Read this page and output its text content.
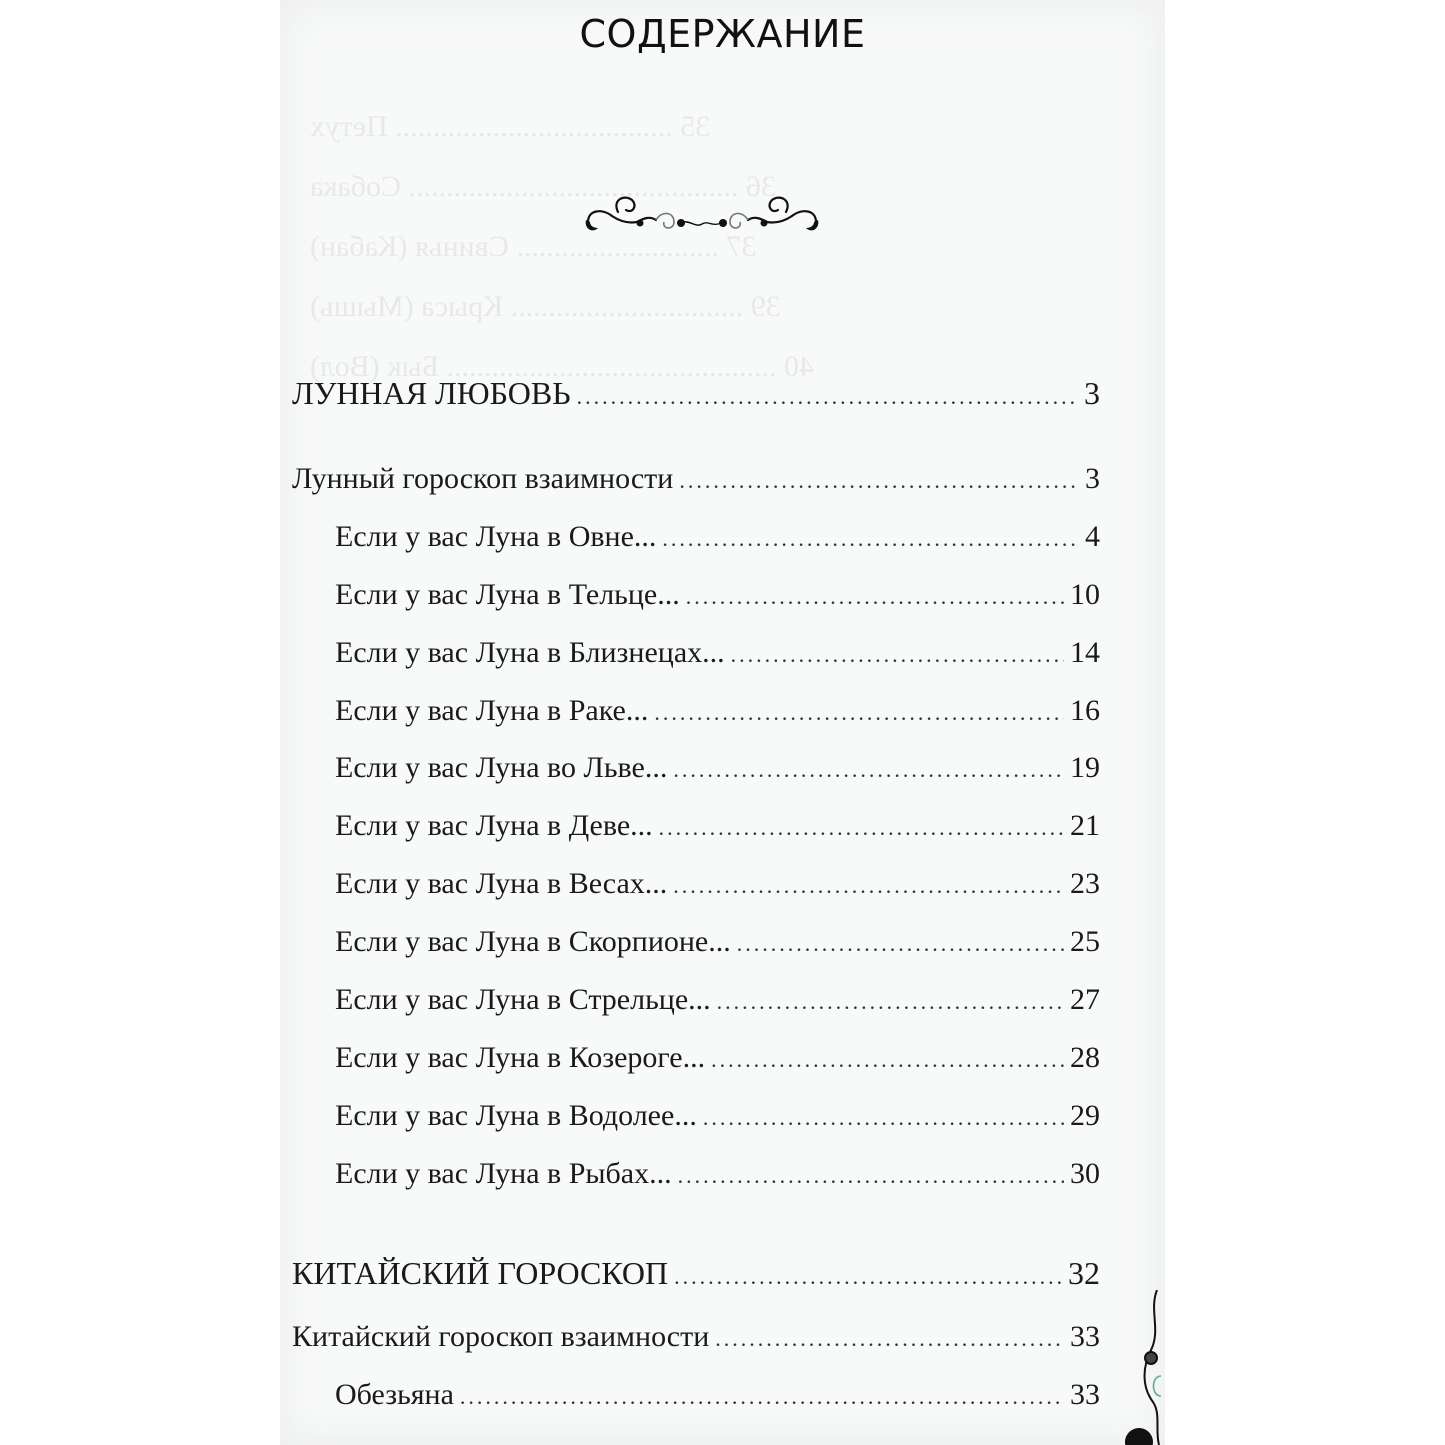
35 ..................................... Петух
36 ............................................ Собака
37 ........................... Свинья (Кабан)
39 ............................... Крыса (Мышь)
40 ............................................ Бык (Вол)
СОДЕРЖАНИЕ
ЛУННАЯ ЛЮБОВЬ .....	3
Лунный гороскоп взаимности .....	3
Если у вас Луна в Овне... .....	4
Если у вас Луна в Тельце... .....	10
Если у вас Луна в Близнецах... .....	14
Если у вас Луна в Раке... .....	16
Если у вас Луна во Льве... .....	19
Если у вас Луна в Деве... .....	21
Если у вас Луна в Весах... .....	23
Если у вас Луна в Скорпионе... .....	25
Если у вас Луна в Стрельце... .....	27
Если у вас Луна в Козероге... .....	28
Если у вас Луна в Водолее... .....	29
Если у вас Луна в Рыбах... .....	30
КИТАЙСКИЙ ГОРОСКОП .....	32
Китайский гороскоп взаимности .....	33
Обезьяна .....	33
